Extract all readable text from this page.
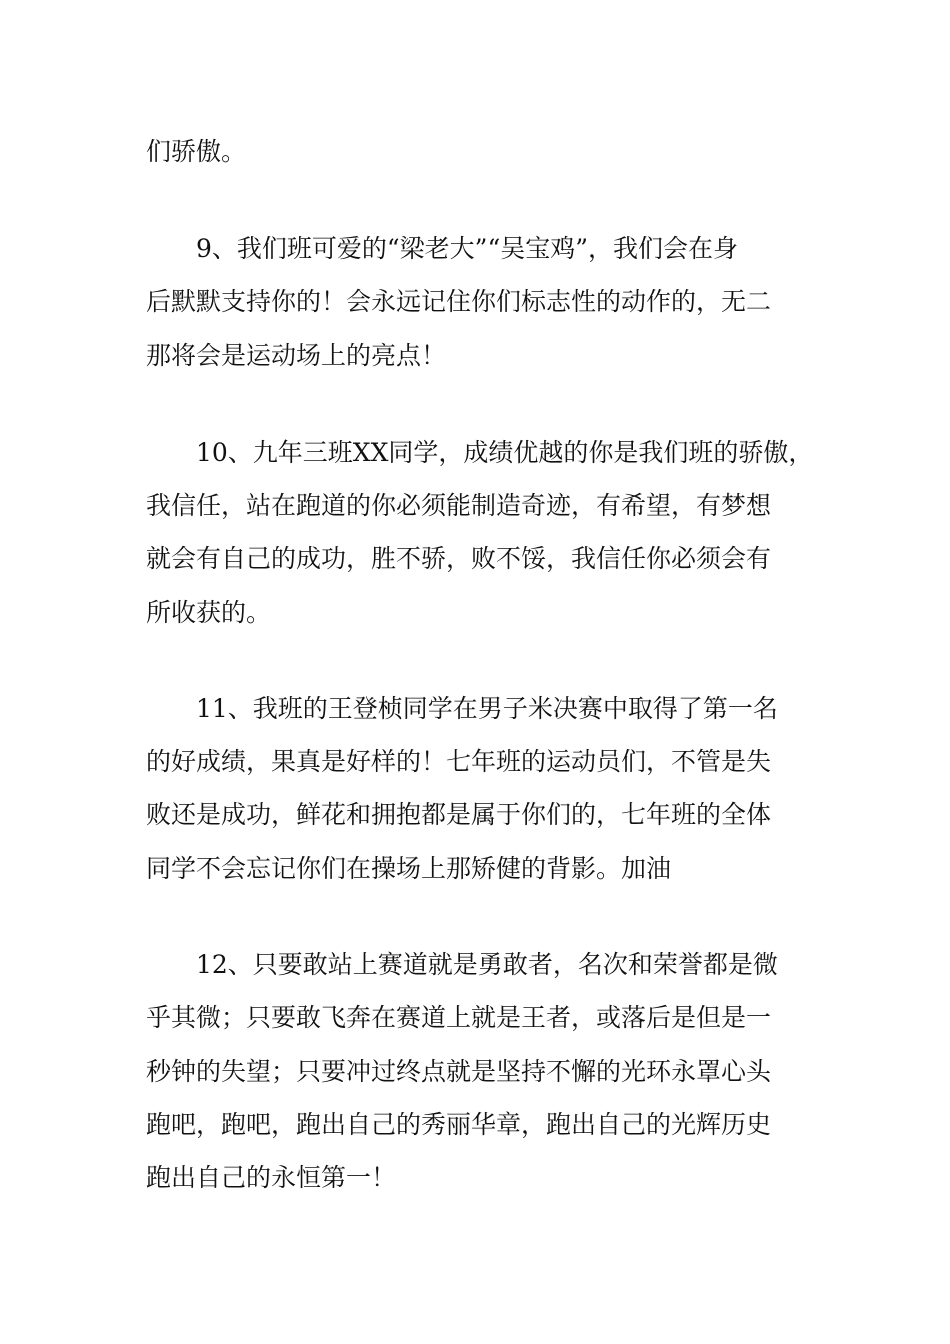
们骄傲。
9、我们班可爱的“梁老大”“吴宝鸡”，我们会在身
后默默支持你的！会永远记住你们标志性的动作的，无二
那将会是运动场上的亮点！
10、九年三班XX同学，成绩优越的你是我们班的骄傲，
我信任，站在跑道的你必须能制造奇迹，有希望，有梦想
就会有自己的成功，胜不骄，败不馁，我信任你必须会有
所收获的。
11、我班的王登桢同学在男子米决赛中取得了第一名
的好成绩，果真是好样的！七年班的运动员们，不管是失
败还是成功，鲜花和拥抱都是属于你们的，七年班的全体
同学不会忘记你们在操场上那矫健的背影。加油
12、只要敢站上赛道就是勇敢者，名次和荣誉都是微
乎其微；只要敢飞奔在赛道上就是王者，或落后是但是一
秒钟的失望；只要冲过终点就是坚持不懈的光环永罩心头
跑吧，跑吧，跑出自己的秀丽华章，跑出自己的光辉历史
跑出自己的永恒第一！
